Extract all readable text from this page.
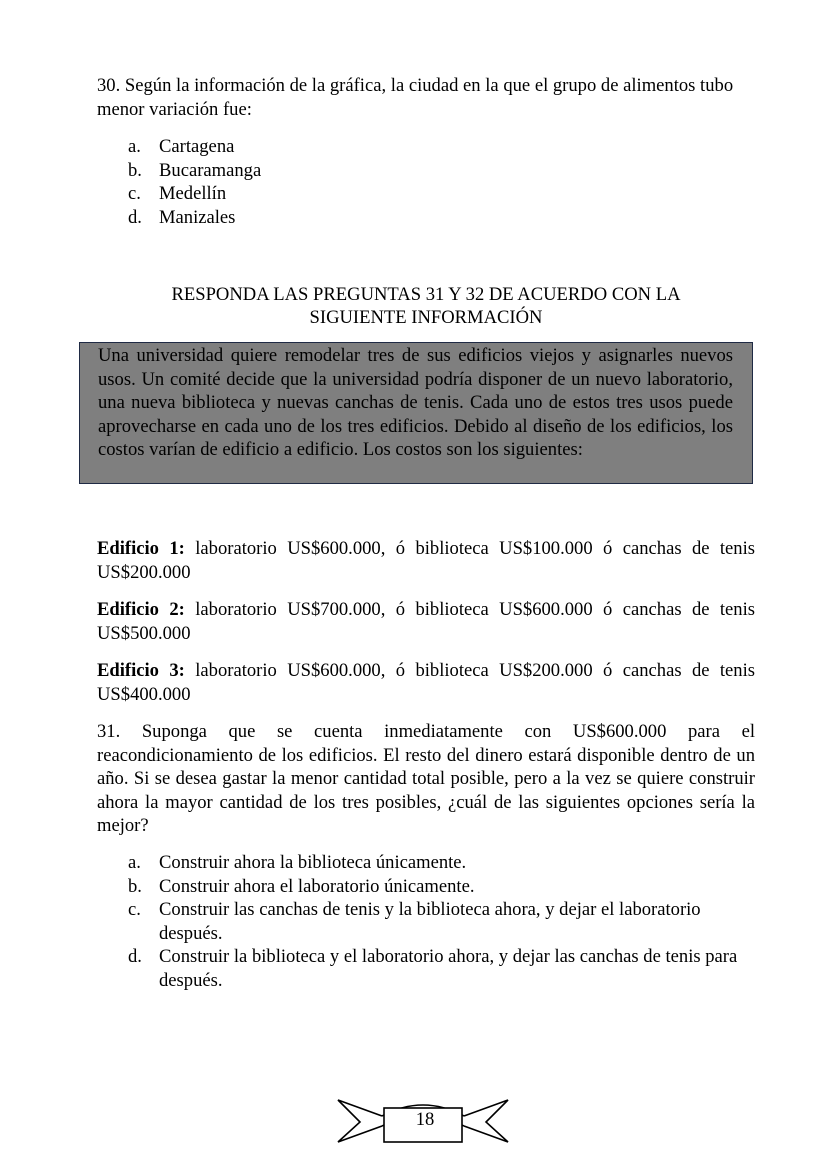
30. Según la información de la gráfica, la ciudad en la que el grupo de alimentos tubo menor variación fue:

a. Cartagena
b. Bucaramanga
c. Medellín
d. Manizales
RESPONDA LAS PREGUNTAS 31 Y 32 DE ACUERDO CON LA
SIGUIENTE INFORMACIÓN

Una universidad quiere remodelar tres de sus edificios viejos y asignarles nuevos usos. Un comité decide que la universidad podría disponer de un nuevo laboratorio, una nueva biblioteca y nuevas canchas de tenis. Cada uno de estos tres usos puede aprovecharse en cada uno de los tres edificios. Debido al diseño de los edificios, los costos varían de edificio a edificio. Los costos son los siguientes:

Edificio 1: laboratorio US$600.000, ó biblioteca US$100.000 ó canchas de tenis US$200.000

Edificio 2: laboratorio US$700.000, ó biblioteca US$600.000 ó canchas de tenis US$500.000

Edificio 3: laboratorio US$600.000, ó biblioteca US$200.000 ó canchas de tenis US$400.000

31. Suponga que se cuenta inmediatamente con US$600.000 para el reacondicionamiento de los edificios. El resto del dinero estará disponible dentro de un año. Si se desea gastar la menor cantidad total posible, pero a la vez se quiere construir ahora la mayor cantidad de los tres posibles, ¿cuál de las siguientes opciones sería la mejor?

a. Construir ahora la biblioteca únicamente.
b. Construir ahora el laboratorio únicamente.
c. Construir las canchas de tenis y la biblioteca ahora, y dejar el laboratorio después.
d. Construir la biblioteca y el laboratorio ahora, y dejar las canchas de tenis para después.
18
